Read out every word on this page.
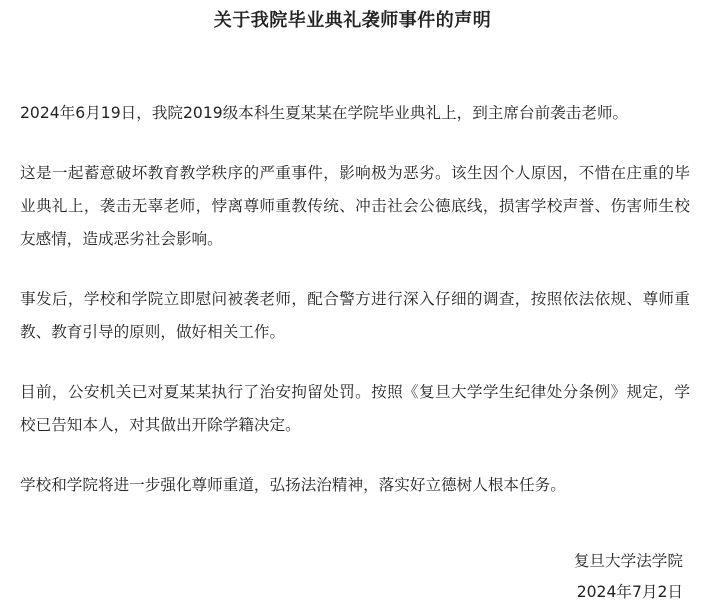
关于我院毕业典礼袭师事件的声明

2024年6月19日，我院2019级本科生夏某某在学院毕业典礼上，到主席台前袭击老师。

这是一起蓄意破坏教育教学秩序的严重事件，影响极为恶劣。该生因个人原因，不惜在庄重的毕业典礼上，袭击无辜老师，悖离尊师重教传统、冲击社会公德底线，损害学校声誉、伤害师生校友感情，造成恶劣社会影响。

事发后，学校和学院立即慰问被袭老师，配合警方进行深入仔细的调查，按照依法依规、尊师重教、教育引导的原则，做好相关工作。

目前，公安机关已对夏某某执行了治安拘留处罚。按照《复旦大学学生纪律处分条例》规定，学校已告知本人，对其做出开除学籍决定。

学校和学院将进一步强化尊师重道，弘扬法治精神，落实好立德树人根本任务。

复旦大学法学院
2024年7月2日
